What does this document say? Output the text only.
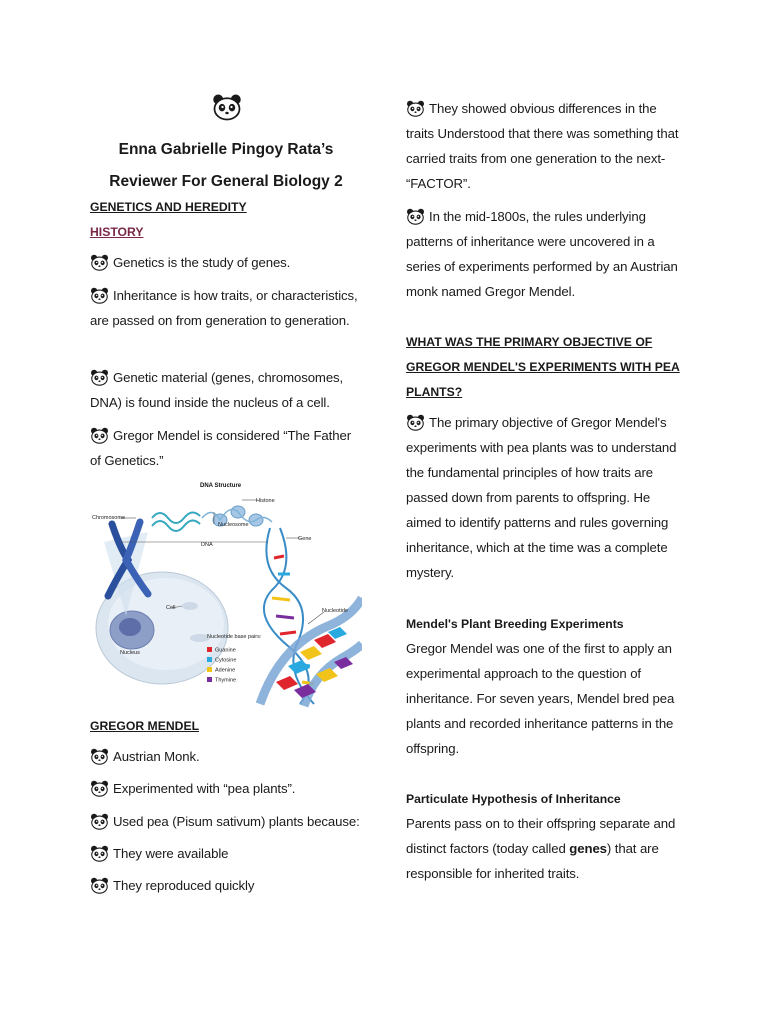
Enna Gabrielle Pingoy Rata’s
Reviewer For General Biology 2
GENETICS AND HEREDITY
HISTORY

Genetics is the study of genes.

Inheritance is how traits, or characteristics, are passed on from generation to generation.

Genetic material (genes, chromosomes, DNA) is found inside the nucleus of a cell.

Gregor Mendel is considered “The Father of Genetics.”

DNA Structure
Chromosome
Histone
Nucleosome
DNA
Gene
Cell
Nucleus
Nucleotide
Nucleotide base pairs:
Guanine
Cytosine
Adenine
Thymine
GREGOR MENDEL

Austrian Monk.

Experimented with “pea plants”.

Used pea (Pisum sativum) plants because:

They were available

They reproduced quickly

They showed obvious differences in the traits Understood that there was something that carried traits from one generation to the next- “FACTOR”.

In the mid-1800s, the rules underlying patterns of inheritance were uncovered in a series of experiments performed by an Austrian monk named Gregor Mendel.

WHAT WAS THE PRIMARY OBJECTIVE OF GREGOR MENDEL'S EXPERIMENTS WITH PEA PLANTS?

The primary objective of Gregor Mendel's experiments with pea plants was to understand the fundamental principles of how traits are passed down from parents to offspring. He aimed to identify patterns and rules governing inheritance, which at the time was a complete mystery.

Mendel's Plant Breeding Experiments

Gregor Mendel was one of the first to apply an experimental approach to the question of inheritance. For seven years, Mendel bred pea plants and recorded inheritance patterns in the offspring.

Particulate Hypothesis of Inheritance

Parents pass on to their offspring separate and distinct factors (today called genes) that are responsible for inherited traits.
